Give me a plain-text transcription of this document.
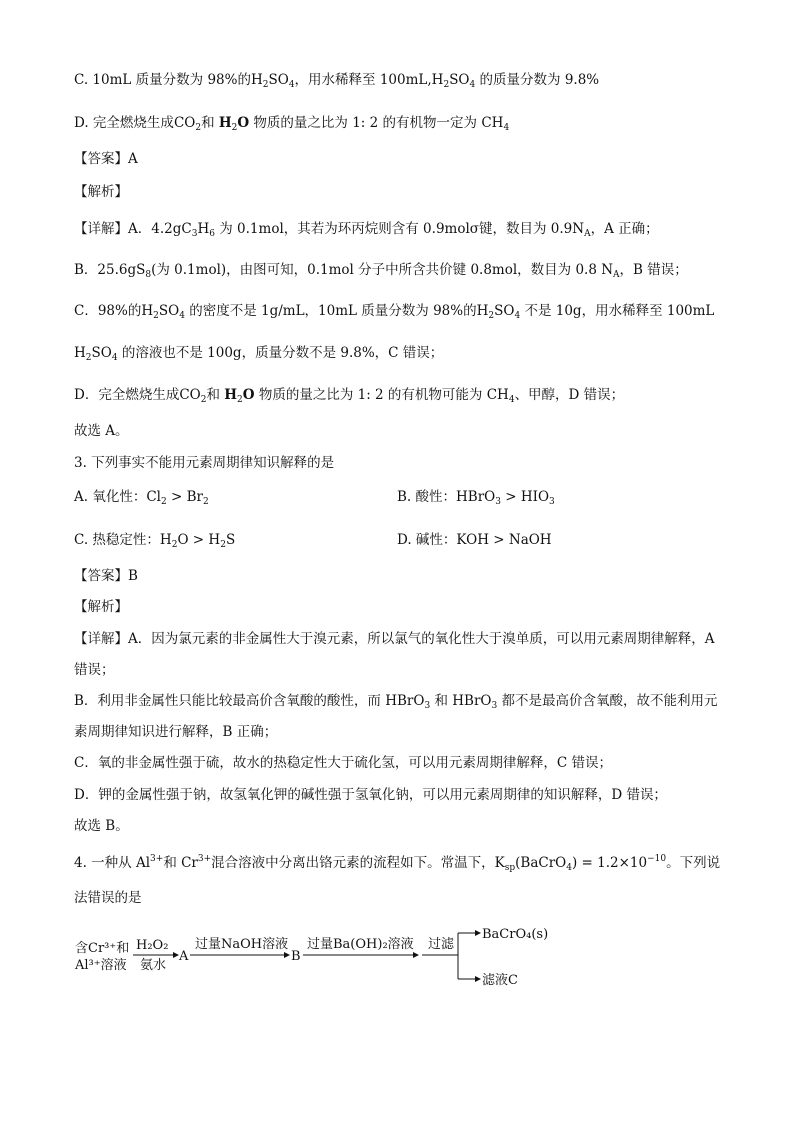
C. 10mL 质量分数为 98%的$H_2SO_4$，用水稀释至 $100mL,H_2SO_4$ 的质量分数为 9.8%
D. 完全燃烧生成$CO_2$和 $H_2O$ 物质的量之比为 1: 2 的有机物一定为 $CH_4$
【答案】A
【解析】
【详解】A．$4.2gC_3H_6$ 为 0.1mol，其若为环丙烷则含有 0.9molσ键，数目为 $0.9N_A$，A 正确；
B．$25.6gS_8$(为 0.1mol)，由图可知，0.1mol 分子中所含共价键 0.8mol，数目为 0.8 $N_A$，B 错误；
C．98%的$H_2SO_4$ 的密度不是 1g/mL，10mL 质量分数为 98%的$H_2SO_4$ 不是 10g，用水稀释至 100mL
$H_2SO_4$ 的溶液也不是 100g，质量分数不是 9.8%，C 错误；
D．完全燃烧生成$CO_2$和 $H_2O$ 物质的量之比为 1: 2 的有机物可能为 $CH_4$、甲醇，D 错误；
故选 A。
3. 下列事实不能用元素周期律知识解释的是
A. 氧化性：$Cl_2 > Br_2$	B. 酸性：HBrO$_3$ > $HIO_3$
C. 热稳定性：$H_2O > H_2S$	D. 碱性：KOH > NaOH
【答案】B
【解析】
【详解】A．因为氯元素的非金属性大于溴元素，所以氯气的氧化性大于溴单质，可以用元素周期律解释，A
错误；
B．利用非金属性只能比较最高价含氧酸的酸性，而 HBrO$_3$ 和 HBrO$_3$ 都不是最高价含氧酸，故不能利用元
素周期律知识进行解释，B 正确；
C．氧的非金属性强于硫，故水的热稳定性大于硫化氢，可以用元素周期律解释，C 错误；
D．钾的金属性强于钠，故氢氧化钾的碱性强于氢氧化钠，可以用元素周期律的知识解释，D 错误；
故选 B。
4. 一种从 $Al^{3+}$和 $Cr^{3+}$混合溶液中分离出铬元素的流程如下。常温下，$K_{sp}(BaCrO_4) = 1.2\times 10^{-10}$。下列说
法错误的是
含Cr³⁺和
Al³⁺溶液
H₂O₂
氨水
A
过量NaOH溶液
B
过量Ba(OH)₂溶液 过滤
BaCrO₄(s)
滤液C
